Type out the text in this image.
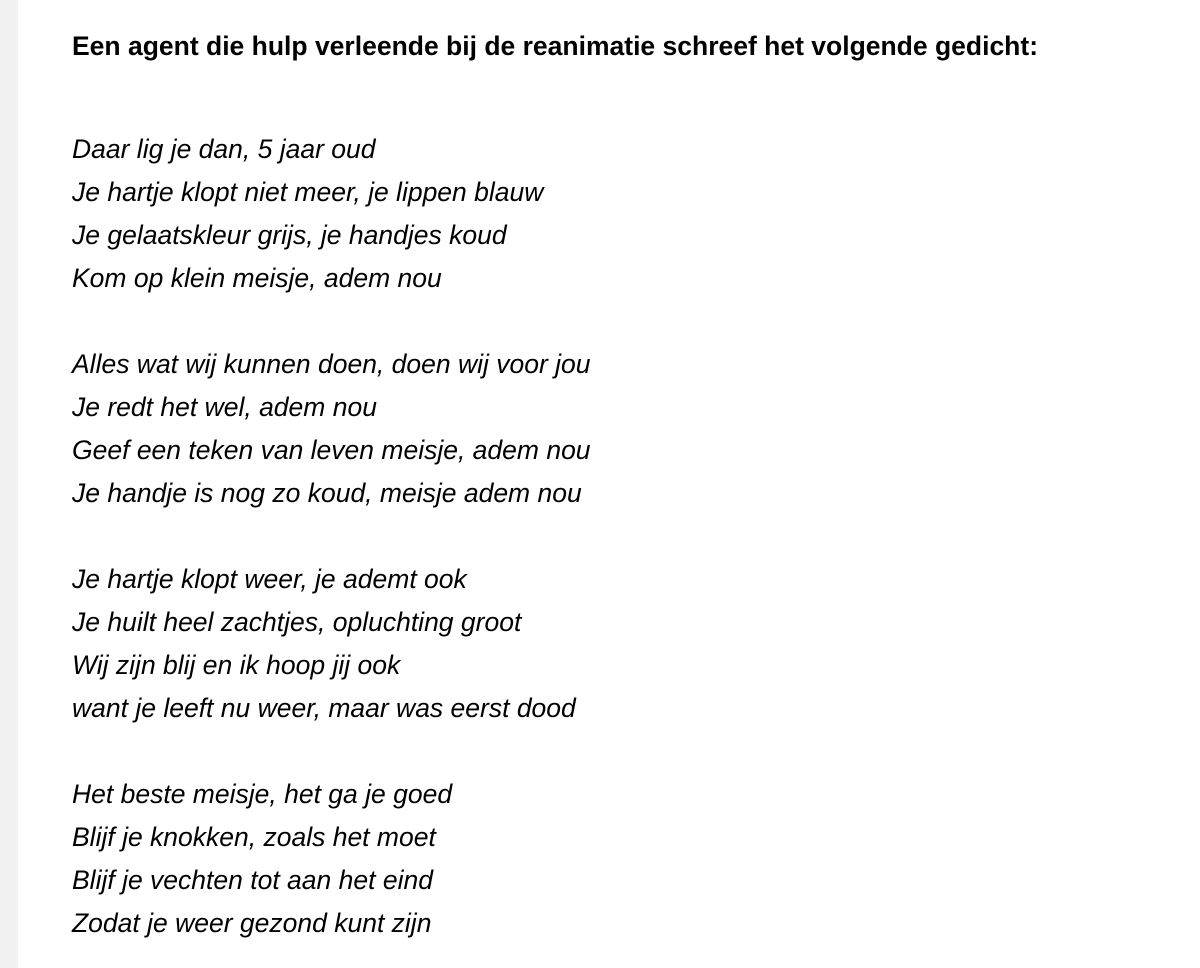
Een agent die hulp verleende bij de reanimatie schreef het volgende gedicht:

Daar lig je dan, 5 jaar oud
Je hartje klopt niet meer, je lippen blauw
Je gelaatskleur grijs, je handjes koud
Kom op klein meisje, adem nou
Alles wat wij kunnen doen, doen wij voor jou
Je redt het wel, adem nou
Geef een teken van leven meisje, adem nou
Je handje is nog zo koud, meisje adem nou
Je hartje klopt weer, je ademt ook
Je huilt heel zachtjes, opluchting groot
Wij zijn blij en ik hoop jij ook
want je leeft nu weer, maar was eerst dood
Het beste meisje, het ga je goed
Blijf je knokken, zoals het moet
Blijf je vechten tot aan het eind
Zodat je weer gezond kunt zijn
